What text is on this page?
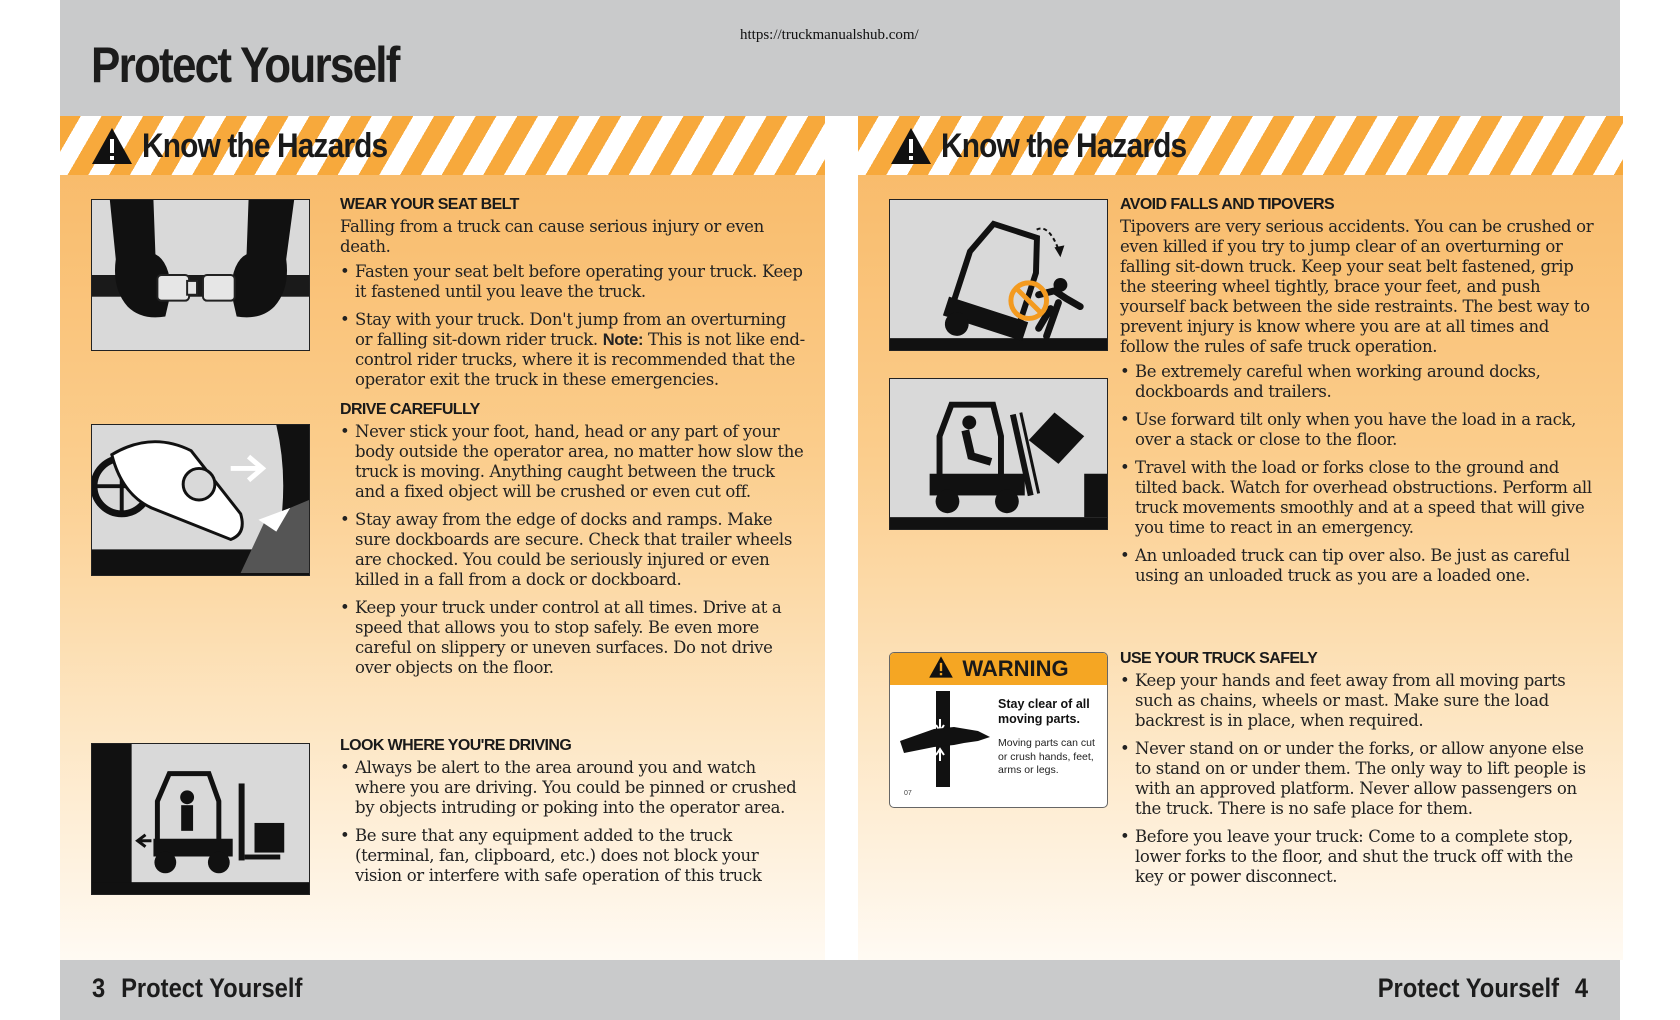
Protect Yourself
https://truckmanualshub.com/
Know the Hazards
WEAR YOUR SEAT BELT
Falling from a truck can cause serious injury or even death.
• Fasten your seat belt before operating your truck. Keep it fastened until you leave the truck.
• Stay with your truck. Don't jump from an overturning or falling sit-down rider truck. Note: This is not like end-control rider trucks, where it is recommended that the operator exit the truck in these emergencies.
DRIVE CAREFULLY
• Never stick your foot, hand, head or any part of your body outside the operator area, no matter how slow the truck is moving. Anything caught between the truck and a fixed object will be crushed or even cut off.
• Stay away from the edge of docks and ramps. Make sure dockboards are secure. Check that trailer wheels are chocked. You could be seriously injured or even killed in a fall from a dock or dockboard.
• Keep your truck under control at all times. Drive at a speed that allows you to stop safely. Be even more careful on slippery or uneven surfaces. Do not drive over objects on the floor.
LOOK WHERE YOU'RE DRIVING
• Always be alert to the area around you and watch where you are driving. You could be pinned or crushed by objects intruding or poking into the operator area.
• Be sure that any equipment added to the truck (terminal, fan, clipboard, etc.) does not block your vision or interfere with safe operation of this truck
Know the Hazards
AVOID FALLS AND TIPOVERS
Tipovers are very serious accidents. You can be crushed or even killed if you try to jump clear of an overturning or falling sit-down truck. Keep your seat belt fastened, grip the steering wheel tightly, brace your feet, and push yourself back between the side restraints. The best way to prevent injury is know where you are at all times and follow the rules of safe truck operation.
• Be extremely careful when working around docks, dockboards and trailers.
• Use forward tilt only when you have the load in a rack, over a stack or close to the floor.
• Travel with the load or forks close to the ground and tilted back. Watch for overhead obstructions. Perform all truck movements smoothly and at a speed that will give you time to react in an emergency.
• An unloaded truck can tip over also. Be just as careful using an unloaded truck as you are a loaded one.
WARNING
Stay clear of all moving parts.
Moving parts can cut or crush hands, feet, arms or legs.
07
USE YOUR TRUCK SAFELY
• Keep your hands and feet away from all moving parts such as chains, wheels or mast. Make sure the load backrest is in place, when required.
• Never stand on or under the forks, or allow anyone else to stand on or under them. The only way to lift people is with an approved platform. Never allow passengers on the truck. There is no safe place for them.
• Before you leave your truck: Come to a complete stop, lower forks to the floor, and shut the truck off with the key or power disconnect.
3 Protect Yourself	Protect Yourself 4
